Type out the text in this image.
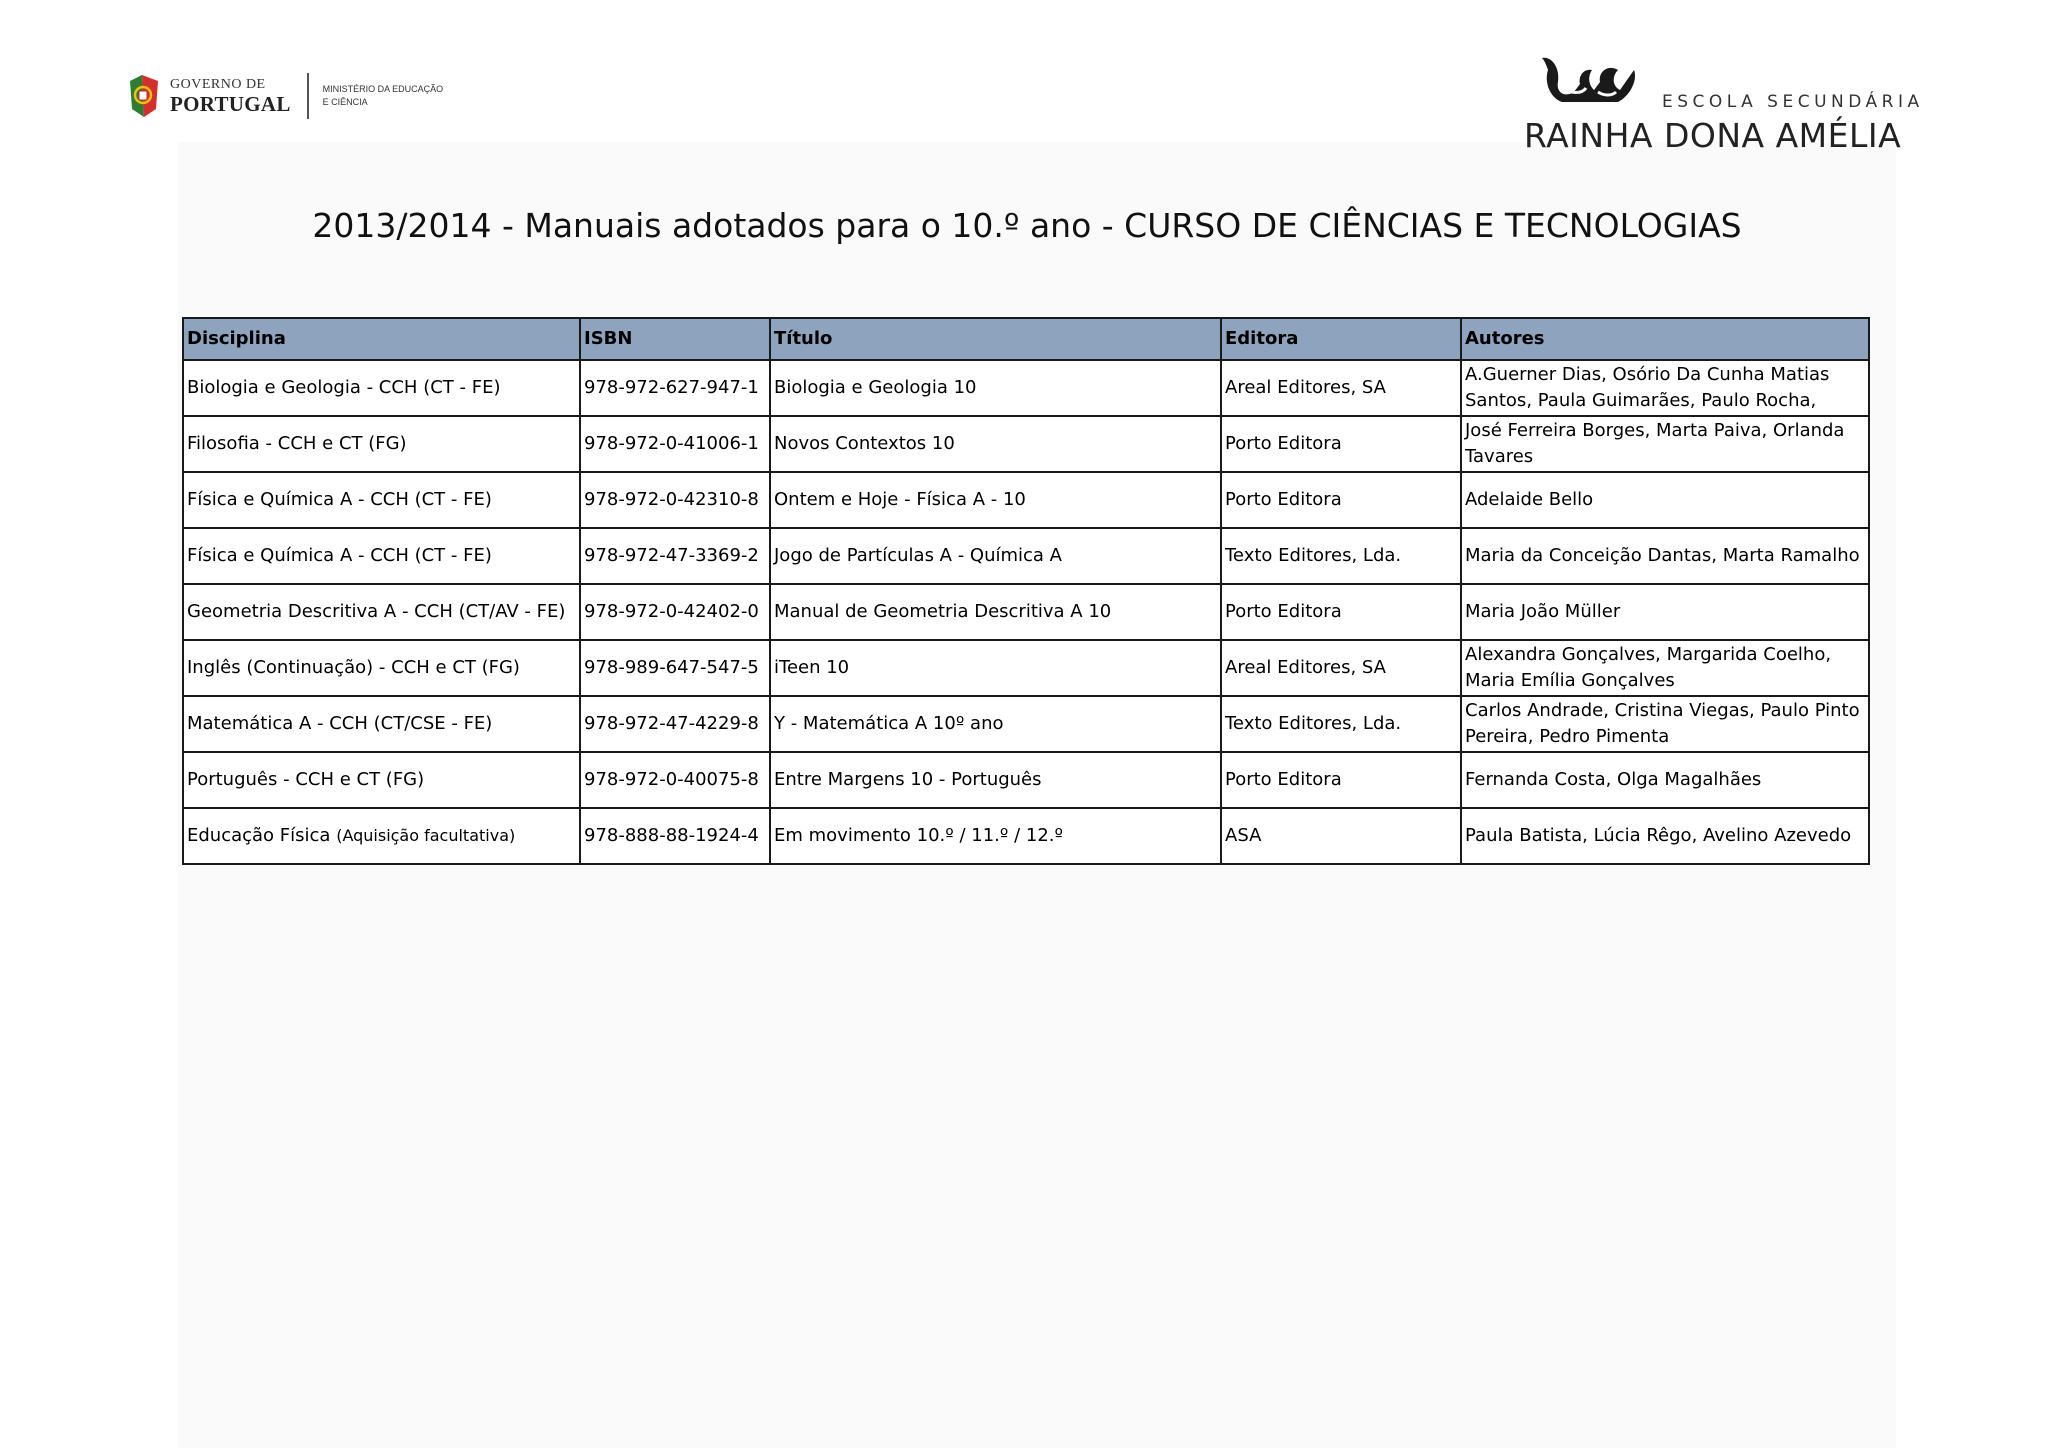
GOVERNO DE
PORTUGAL
MINISTÉRIO DA EDUCAÇÃO
E CIÊNCIA	ESCOLA SECUNDÁRIA
RAINHA DONA AMÉLIA
2013/2014 - Manuais adotados para o 10.º ano - CURSO DE CIÊNCIAS E TECNOLOGIAS
Disciplina	ISBN	Título	Editora	Autores
Biologia e Geologia - CCH (CT - FE)	978-972-627-947-1	Biologia e Geologia 10	Areal Editores, SA	A.Guerner Dias, Osório Da Cunha Matias Santos, Paula Guimarães, Paulo Rocha,
Filosofia - CCH e CT (FG)	978-972-0-41006-1	Novos Contextos 10	Porto Editora	José Ferreira Borges, Marta Paiva, Orlanda Tavares
Física e Química A - CCH (CT - FE)	978-972-0-42310-8	Ontem e Hoje - Física A - 10	Porto Editora	Adelaide Bello
Física e Química A - CCH (CT - FE)	978-972-47-3369-2	Jogo de Partículas A - Química A	Texto Editores, Lda.	Maria da Conceição Dantas, Marta Ramalho
Geometria Descritiva A - CCH (CT/AV - FE)	978-972-0-42402-0	Manual de Geometria Descritiva A 10	Porto Editora	Maria João Müller
Inglês (Continuação) - CCH e CT (FG)	978-989-647-547-5	iTeen 10	Areal Editores, SA	Alexandra Gonçalves, Margarida Coelho, Maria Emília Gonçalves
Matemática A - CCH (CT/CSE - FE)	978-972-47-4229-8	Y - Matemática A 10º ano	Texto Editores, Lda.	Carlos Andrade, Cristina Viegas, Paulo Pinto Pereira, Pedro Pimenta
Português - CCH e CT (FG)	978-972-0-40075-8	Entre Margens 10 - Português	Porto Editora	Fernanda Costa, Olga Magalhães
Educação Física (Aquisição facultativa)	978-888-88-1924-4	Em movimento 10.º / 11.º / 12.º	ASA	Paula Batista, Lúcia Rêgo, Avelino Azevedo
